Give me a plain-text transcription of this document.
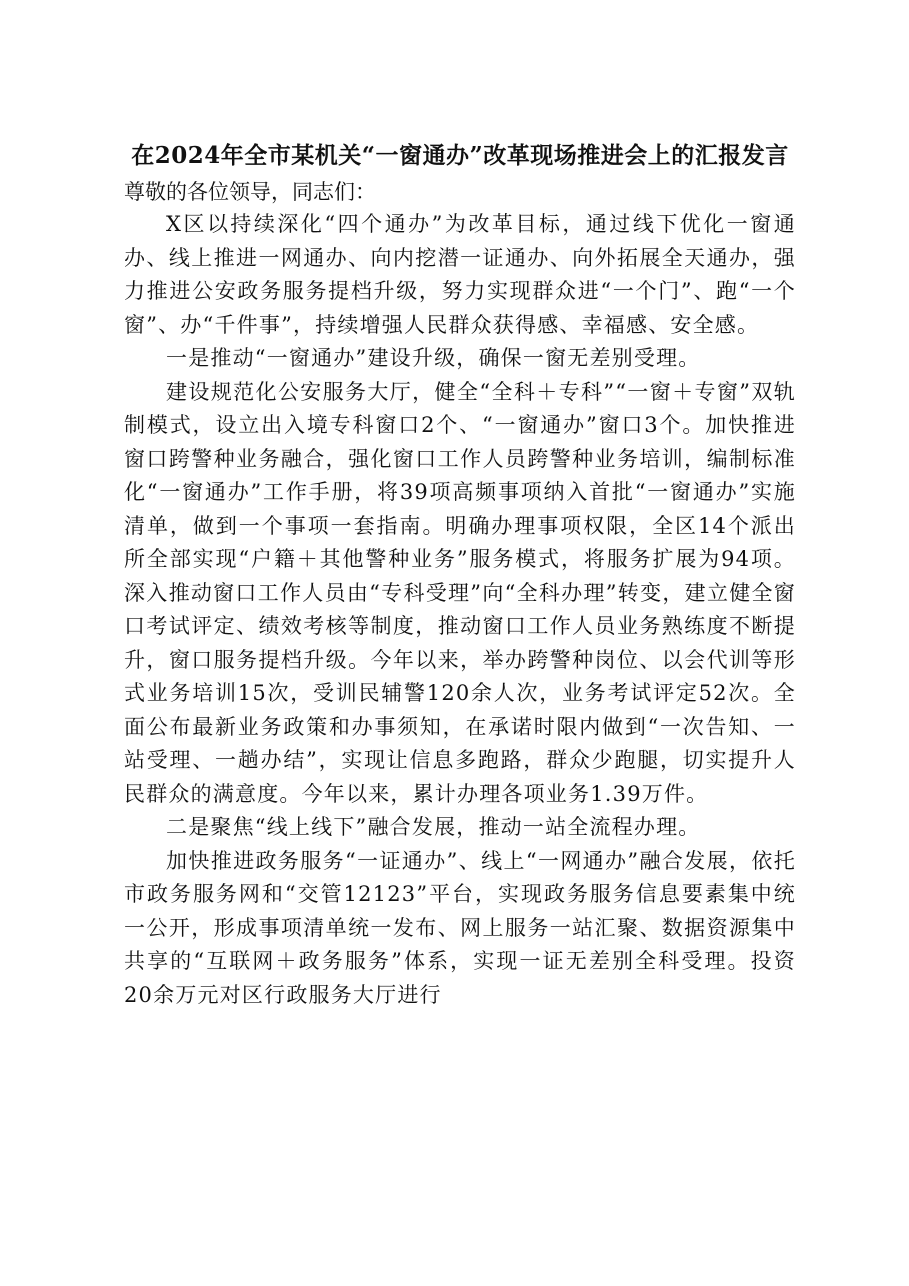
在2024年全市某机关“一窗通办”改革现场推进会上的汇报发言

尊敬的各位领导，同志们：

X区以持续深化“四个通办”为改革目标，通过线下优化一窗通办、线上推进一网通办、向内挖潜一证通办、向外拓展全天通办，强力推进公安政务服务提档升级，努力实现群众进“一个门”、跑“一个窗”、办“千件事”，持续增强人民群众获得感、幸福感、安全感。

一是推动“一窗通办”建设升级，确保一窗无差别受理。

建设规范化公安服务大厅，健全“全科＋专科”“一窗＋专窗”双轨制模式，设立出入境专科窗口2个、“一窗通办”窗口3个。加快推进窗口跨警种业务融合，强化窗口工作人员跨警种业务培训，编制标准化“一窗通办”工作手册，将39项高频事项纳入首批“一窗通办”实施清单，做到一个事项一套指南。明确办理事项权限，全区14个派出所全部实现“户籍＋其他警种业务”服务模式，将服务扩展为94项。深入推动窗口工作人员由“专科受理”向“全科办理”转变，建立健全窗口考试评定、绩效考核等制度，推动窗口工作人员业务熟练度不断提升，窗口服务提档升级。今年以来，举办跨警种岗位、以会代训等形式业务培训15次，受训民辅警120余人次，业务考试评定52次。全面公布最新业务政策和办事须知，在承诺时限内做到“一次告知、一站受理、一趟办结”，实现让信息多跑路，群众少跑腿，切实提升人民群众的满意度。今年以来，累计办理各项业务1.39万件。

二是聚焦“线上线下”融合发展，推动一站全流程办理。

加快推进政务服务“一证通办”、线上“一网通办”融合发展，依托市政务服务网和“交管12123”平台，实现政务服务信息要素集中统一公开，形成事项清单统一发布、网上服务一站汇聚、数据资源集中共享的“互联网＋政务服务”体系，实现一证无差别全科受理。投资20余万元对区行政服务大厅进行
